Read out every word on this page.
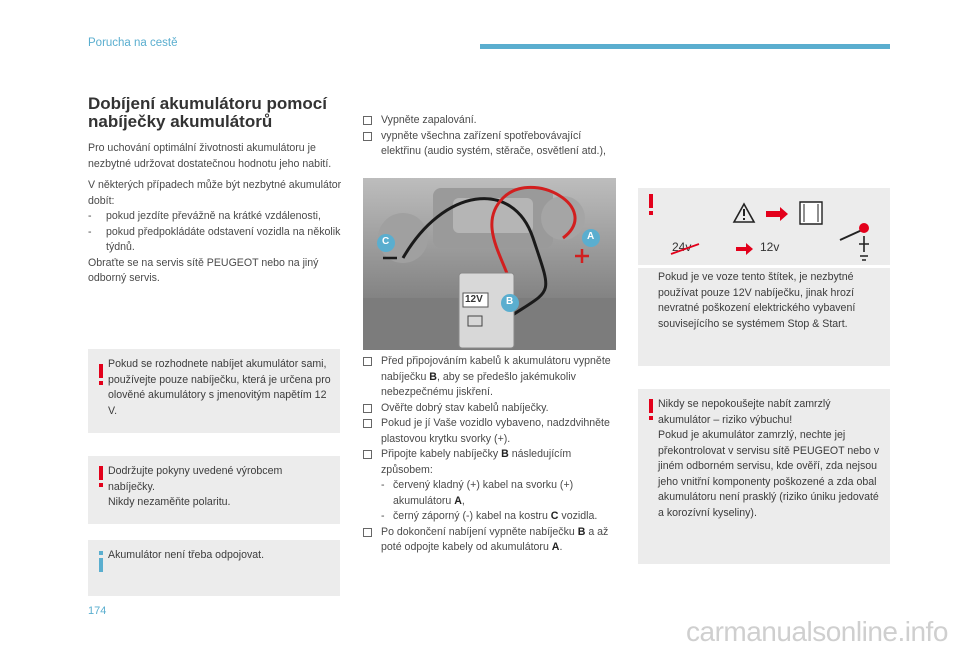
Porucha na cestě
Dobíjení akumulátoru pomocí nabíječky akumulátorů
Pro uchování optimální životnosti akumulátoru je nezbytné udržovat dostatečnou hodnotu jeho nabití.
V některých případech může být nezbytné akumulátor dobít:
- pokud jezdíte převážně na krátké vzdálenosti,
- pokud předpokládáte odstavení vozidla na několik týdnů.
Obraťte se na servis sítě PEUGEOT nebo na jiný odborný servis.
Pokud se rozhodnete nabíjet akumulátor sami, používejte pouze nabíječku, která je určena pro olověné akumulátory s jmenovitým napětím 12 V.
Dodržujte pokyny uvedené výrobcem nabíječky.
Nikdy nezaměňte polaritu.
Akumulátor není třeba odpojovat.
Vypněte zapalování.
vypněte všechna zařízení spotřebovávající elektřinu (audio systém, stěrače, osvětlení atd.),
C	A
B
12V
Před připojováním kabelů k akumulátoru vypněte nabíječku B, aby se předešlo jakémukoliv nebezpečnému jiskření.
Ověřte dobrý stav kabelů nabíječky.
Pokud je jí Vaše vozidlo vybaveno, nadzdvihněte plastovou krytku svorky (+).
Připojte kabely nabíječky B následujícím způsobem:
- červený kladný (+) kabel na svorku (+) akumulátoru A,
- černý záporný (-) kabel na kostru C vozidla.
Po dokončení nabíjení vypněte nabíječku B a až poté odpojte kabely od akumulátoru A.
24v	12v
Pokud je ve voze tento štítek, je nezbytné používat pouze 12V nabíječku, jinak hrozí nevratné poškození elektrického vybavení souvisejícího se systémem Stop & Start.
Nikdy se nepokoušejte nabít zamrzlý akumulátor – riziko výbuchu!
Pokud je akumulátor zamrzlý, nechte jej překontrolovat v servisu sítě PEUGEOT nebo v jiném odborném servisu, kde ověří, zda nejsou jeho vnitřní komponenty poškozené a zda obal akumulátoru není prasklý (riziko úniku jedovaté a korozívní kyseliny).
174
carmanualsonline.info
